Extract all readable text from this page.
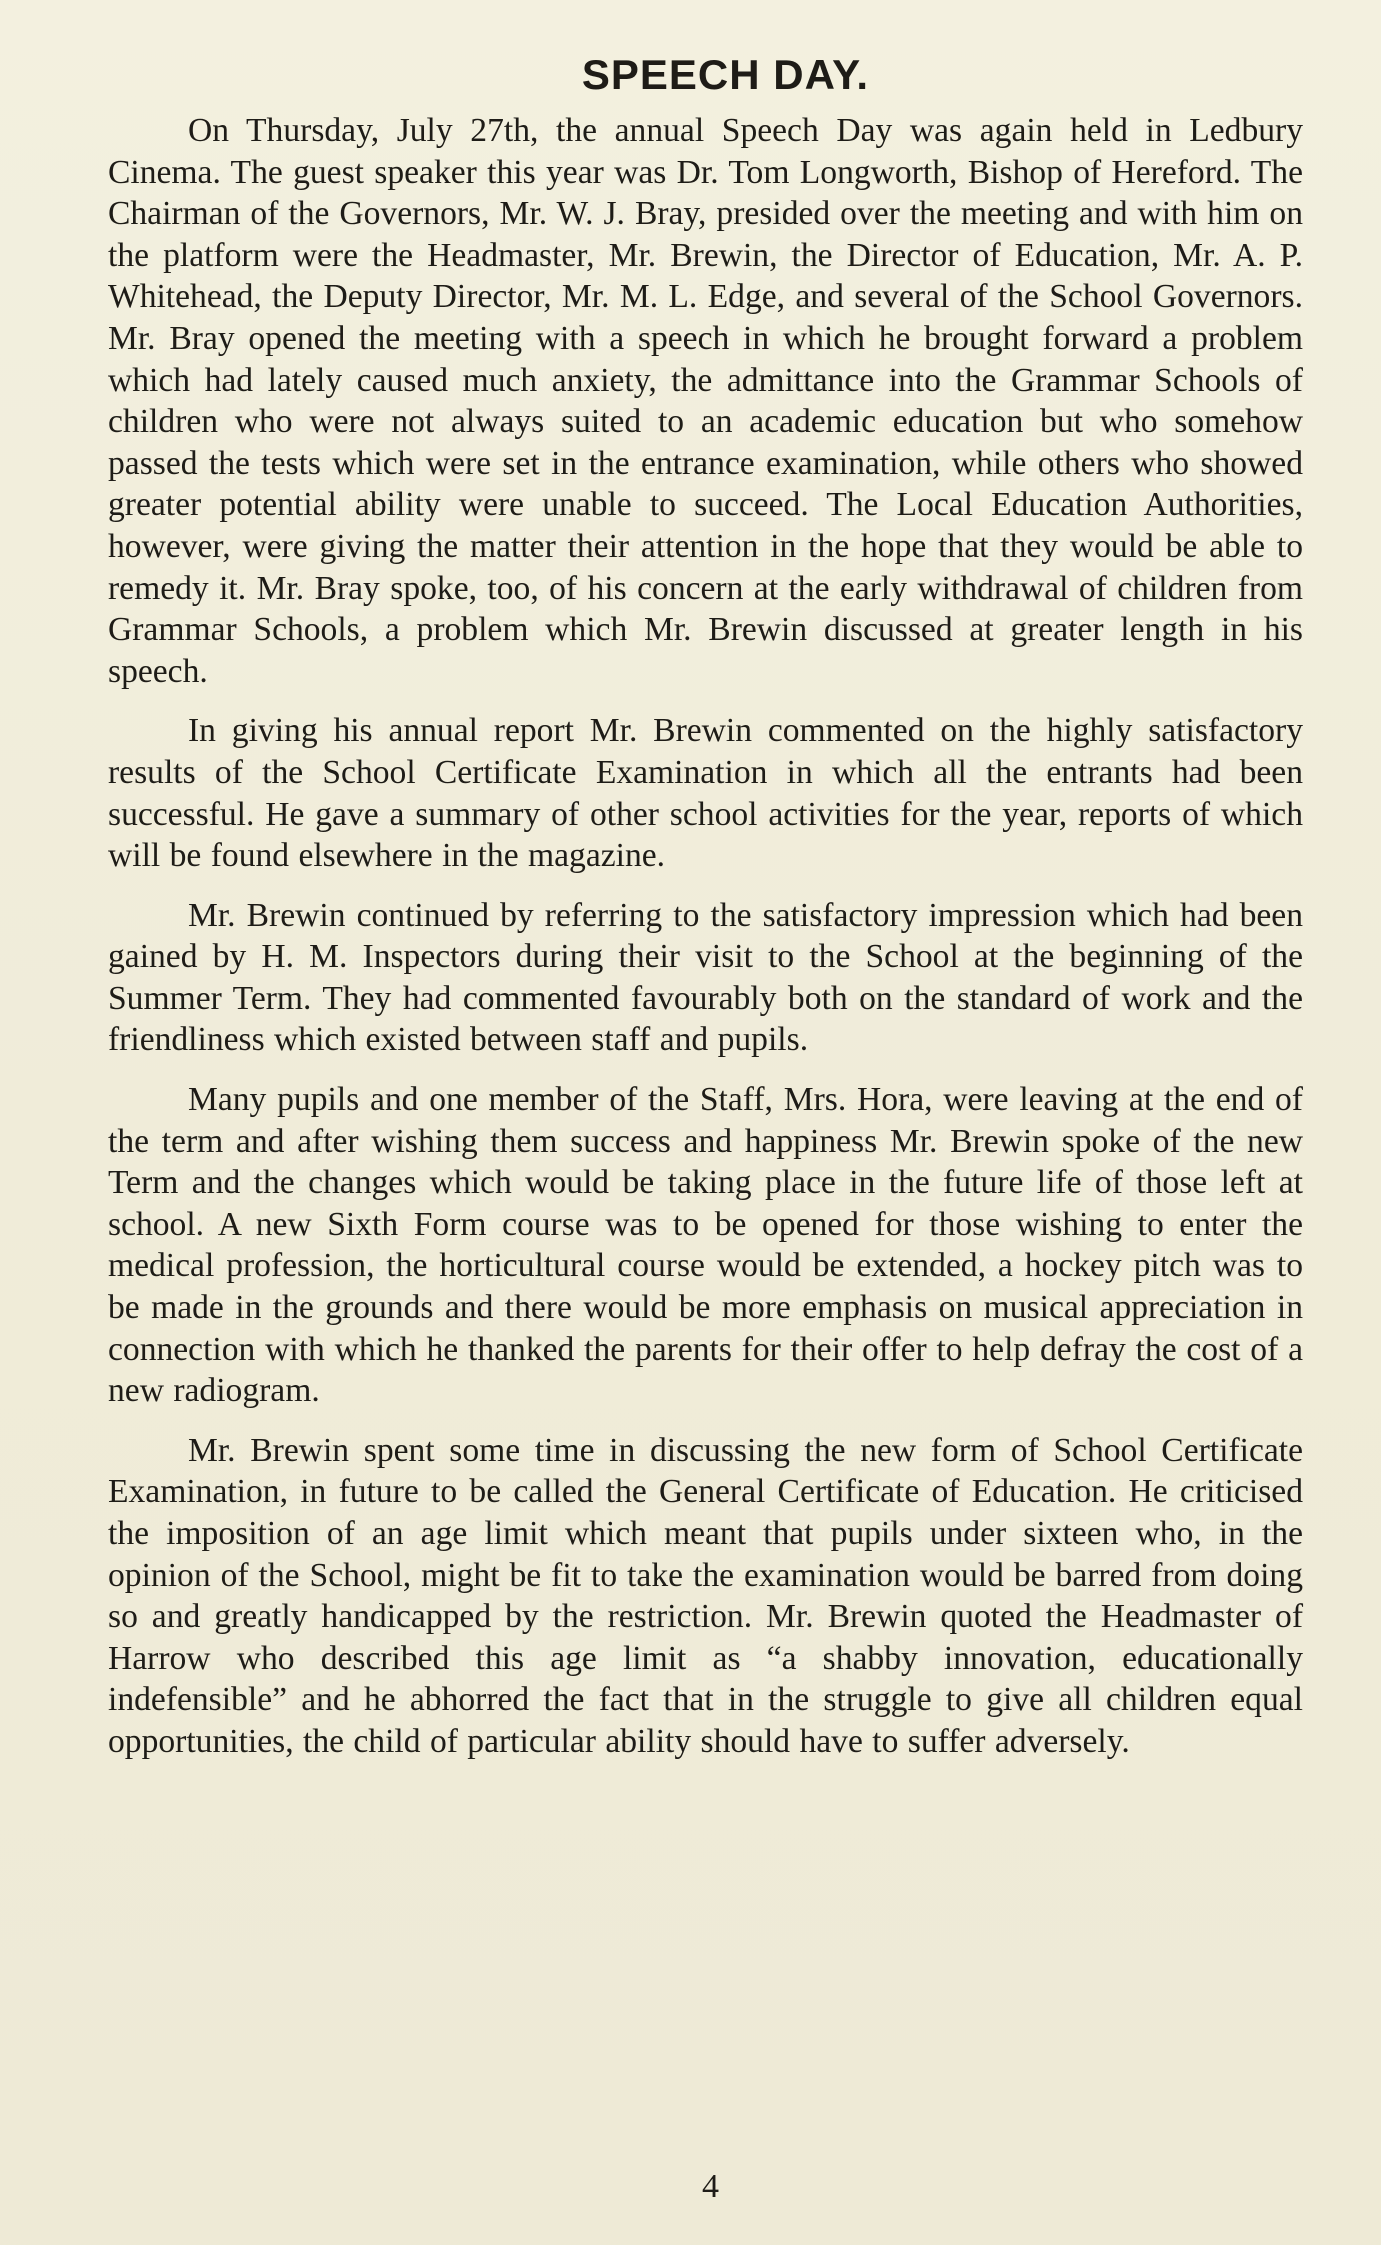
SPEECH DAY.

On Thursday, July 27th, the annual Speech Day was again held in Ledbury Cinema. The guest speaker this year was Dr. Tom Longworth, Bishop of Hereford. The Chairman of the Governors, Mr. W. J. Bray, presided over the meeting and with him on the platform were the Headmaster, Mr. Brewin, the Director of Education, Mr. A. P. Whitehead, the Deputy Director, Mr. M. L. Edge, and several of the School Governors. Mr. Bray opened the meeting with a speech in which he brought forward a problem which had lately caused much anxiety, the admittance into the Grammar Schools of children who were not always suited to an academic education but who somehow passed the tests which were set in the entrance examination, while others who showed greater potential ability were unable to succeed. The Local Education Authorities, however, were giving the matter their attention in the hope that they would be able to remedy it. Mr. Bray spoke, too, of his concern at the early withdrawal of children from Grammar Schools, a problem which Mr. Brewin discussed at greater length in his speech.

In giving his annual report Mr. Brewin commented on the highly satisfactory results of the School Certificate Examination in which all the entrants had been successful. He gave a summary of other school activities for the year, reports of which will be found elsewhere in the magazine.

Mr. Brewin continued by referring to the satisfactory impression which had been gained by H. M. Inspectors during their visit to the School at the beginning of the Summer Term. They had commented favourably both on the standard of work and the friendliness which existed between staff and pupils.

Many pupils and one member of the Staff, Mrs. Hora, were leaving at the end of the term and after wishing them success and happiness Mr. Brewin spoke of the new Term and the changes which would be taking place in the future life of those left at school. A new Sixth Form course was to be opened for those wishing to enter the medical profession, the horticultural course would be extended, a hockey pitch was to be made in the grounds and there would be more emphasis on musical appreciation in connection with which he thanked the parents for their offer to help defray the cost of a new radiogram.

Mr. Brewin spent some time in discussing the new form of School Certificate Examination, in future to be called the General Certificate of Education. He criticised the imposition of an age limit which meant that pupils under sixteen who, in the opinion of the School, might be fit to take the examination would be barred from doing so and greatly handicapped by the restriction. Mr. Brewin quoted the Headmaster of Harrow who described this age limit as “a shabby innovation, educationally indefensible” and he abhorred the fact that in the struggle to give all children equal opportunities, the child of particular ability should have to suffer adversely.

4
